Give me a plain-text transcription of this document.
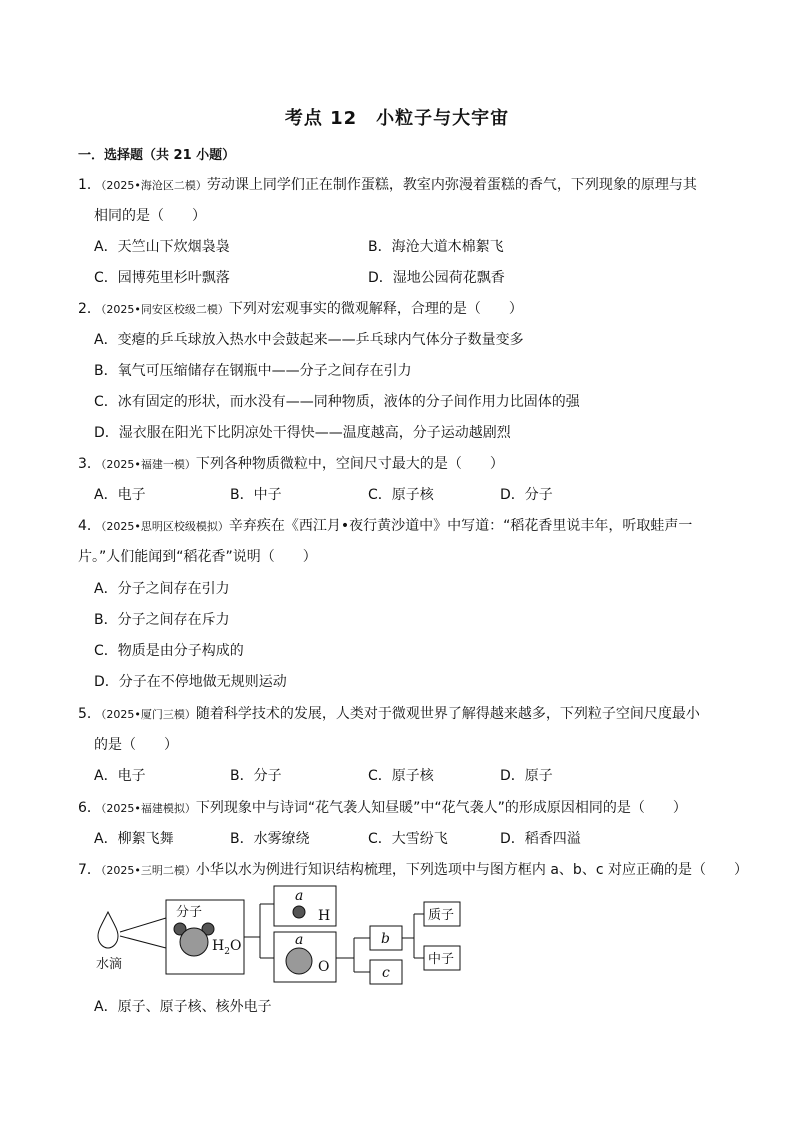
考点 12　小粒子与大宇宙
一．选择题（共 21 小题）
1．（2025•海沧区二模）劳动课上同学们正在制作蛋糕，教室内弥漫着蛋糕的香气，下列现象的原理与其
相同的是（　　）
A．天竺山下炊烟袅袅	B．海沧大道木棉絮飞
C．园博苑里杉叶飘落	D．湿地公园荷花飘香
2．（2025•同安区校级二模）下列对宏观事实的微观解释，合理的是（　　）
A．变瘪的乒乓球放入热水中会鼓起来——乒乓球内气体分子数量变多
B．氧气可压缩储存在钢瓶中——分子之间存在引力
C．冰有固定的形状，而水没有——同种物质，液体的分子间作用力比固体的强
D．湿衣服在阳光下比阴凉处干得快——温度越高，分子运动越剧烈
3．（2025•福建一模）下列各种物质微粒中，空间尺寸最大的是（　　）
A．电子	B．中子	C．原子核	D．分子
4．（2025•思明区校级模拟）辛弃疾在《西江月•夜行黄沙道中》中写道：“稻花香里说丰年，听取蛙声一
片。”人们能闻到“稻花香”说明（　　）
A．分子之间存在引力
B．分子之间存在斥力
C．物质是由分子构成的
D．分子在不停地做无规则运动
5．（2025•厦门三模）随着科学技术的发展，人类对于微观世界了解得越来越多，下列粒子空间尺度最小
的是（　　）
A．电子	B．分子	C．原子核	D．原子
6．（2025•福建模拟）下列现象中与诗词“花气袭人知昼暖”中“花气袭人”的形成原因相同的是（　　）
A．柳絮飞舞	B．水雾缭绕	C．大雪纷飞	D．稻香四溢
7．（2025•三明二模）小华以水为例进行知识结构梳理，下列选项中与图方框内 a、b、c 对应正确的是（　　）
水滴
分子
$H_2O$
a
H
a
O
b
c
质子
中子
A．原子、原子核、核外电子
